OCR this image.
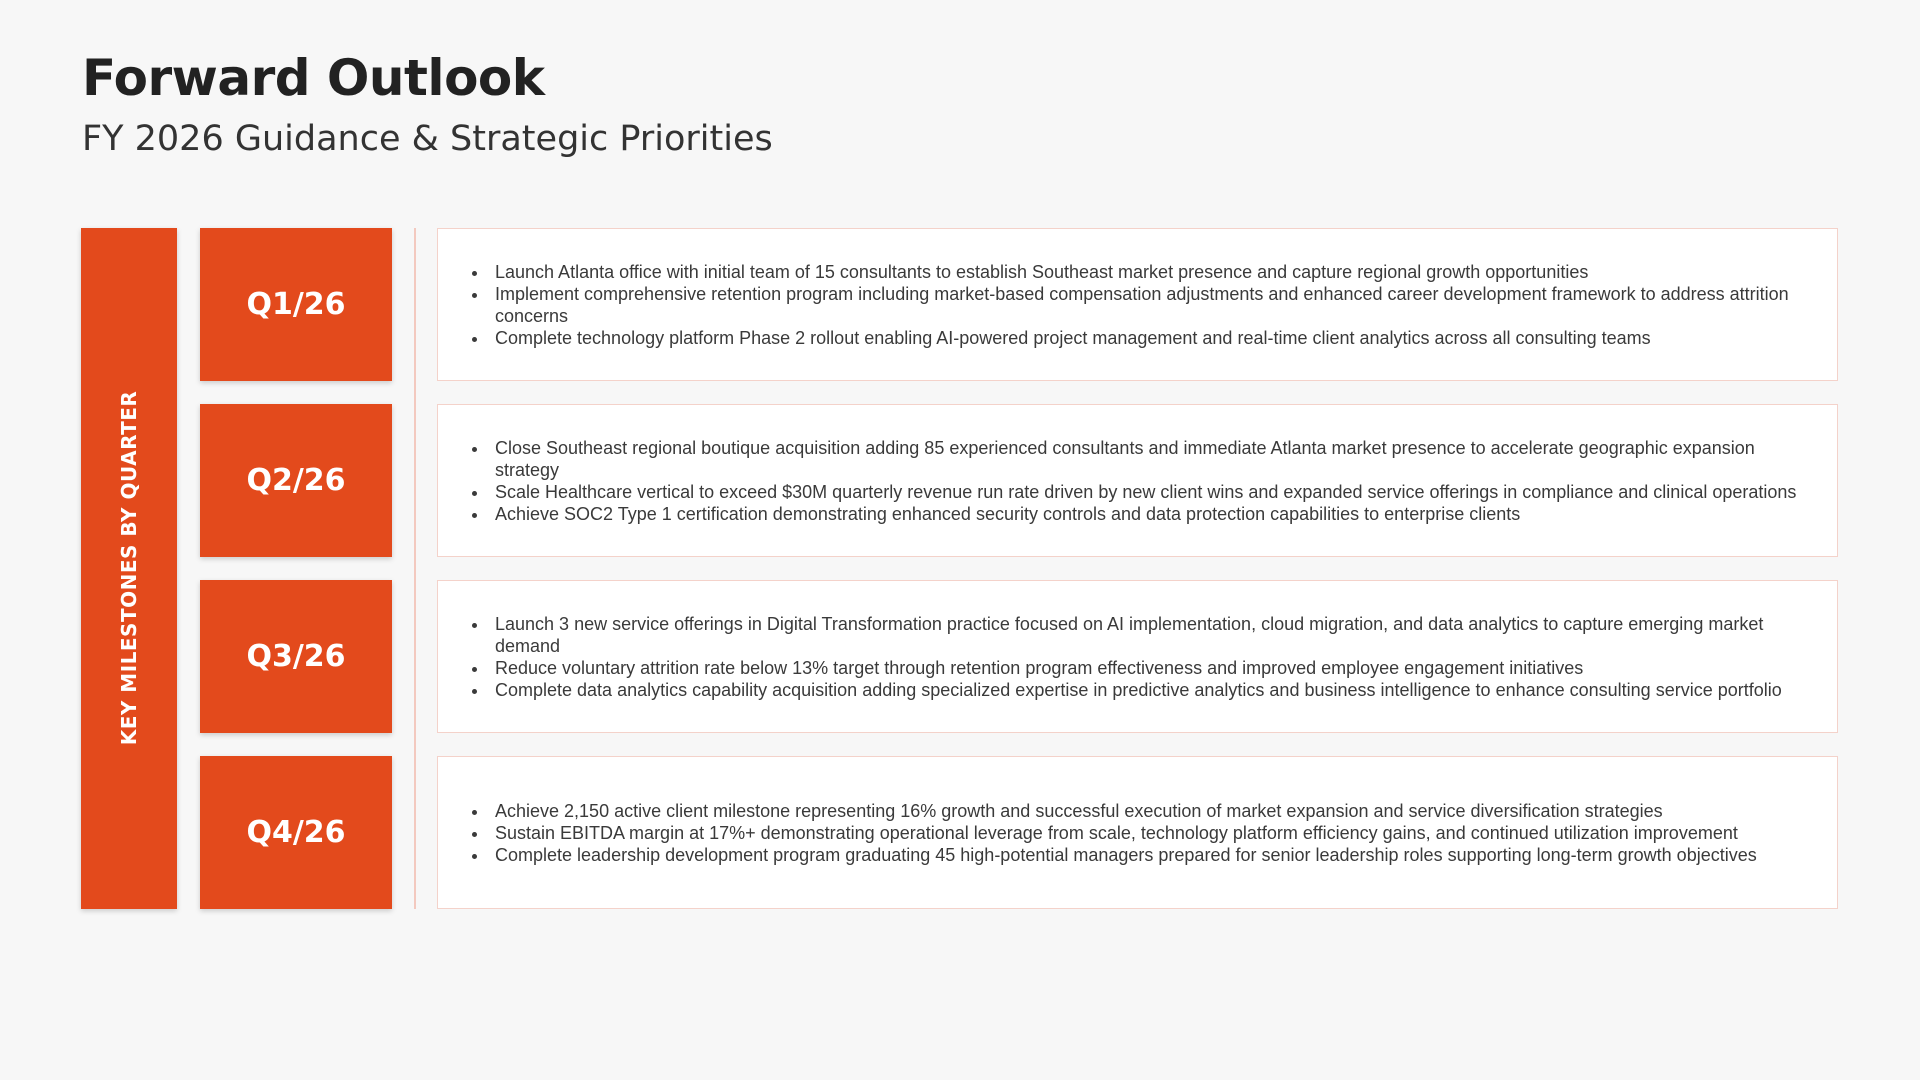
Forward Outlook
FY 2026 Guidance & Strategic Priorities
KEY MILESTONES BY QUARTER
Q1/26
• Launch Atlanta office with initial team of 15 consultants to establish Southeast market presence and capture regional growth opportunities
• Implement comprehensive retention program including market-based compensation adjustments and enhanced career development framework to address attrition concerns
• Complete technology platform Phase 2 rollout enabling AI-powered project management and real-time client analytics across all consulting teams
Q2/26
• Close Southeast regional boutique acquisition adding 85 experienced consultants and immediate Atlanta market presence to accelerate geographic expansion strategy
• Scale Healthcare vertical to exceed $30M quarterly revenue run rate driven by new client wins and expanded service offerings in compliance and clinical operations
• Achieve SOC2 Type 1 certification demonstrating enhanced security controls and data protection capabilities to enterprise clients
Q3/26
• Launch 3 new service offerings in Digital Transformation practice focused on AI implementation, cloud migration, and data analytics to capture emerging market demand
• Reduce voluntary attrition rate below 13% target through retention program effectiveness and improved employee engagement initiatives
• Complete data analytics capability acquisition adding specialized expertise in predictive analytics and business intelligence to enhance consulting service portfolio
Q4/26
• Achieve 2,150 active client milestone representing 16% growth and successful execution of market expansion and service diversification strategies
• Sustain EBITDA margin at 17%+ demonstrating operational leverage from scale, technology platform efficiency gains, and continued utilization improvement
• Complete leadership development program graduating 45 high-potential managers prepared for senior leadership roles supporting long-term growth objectives
